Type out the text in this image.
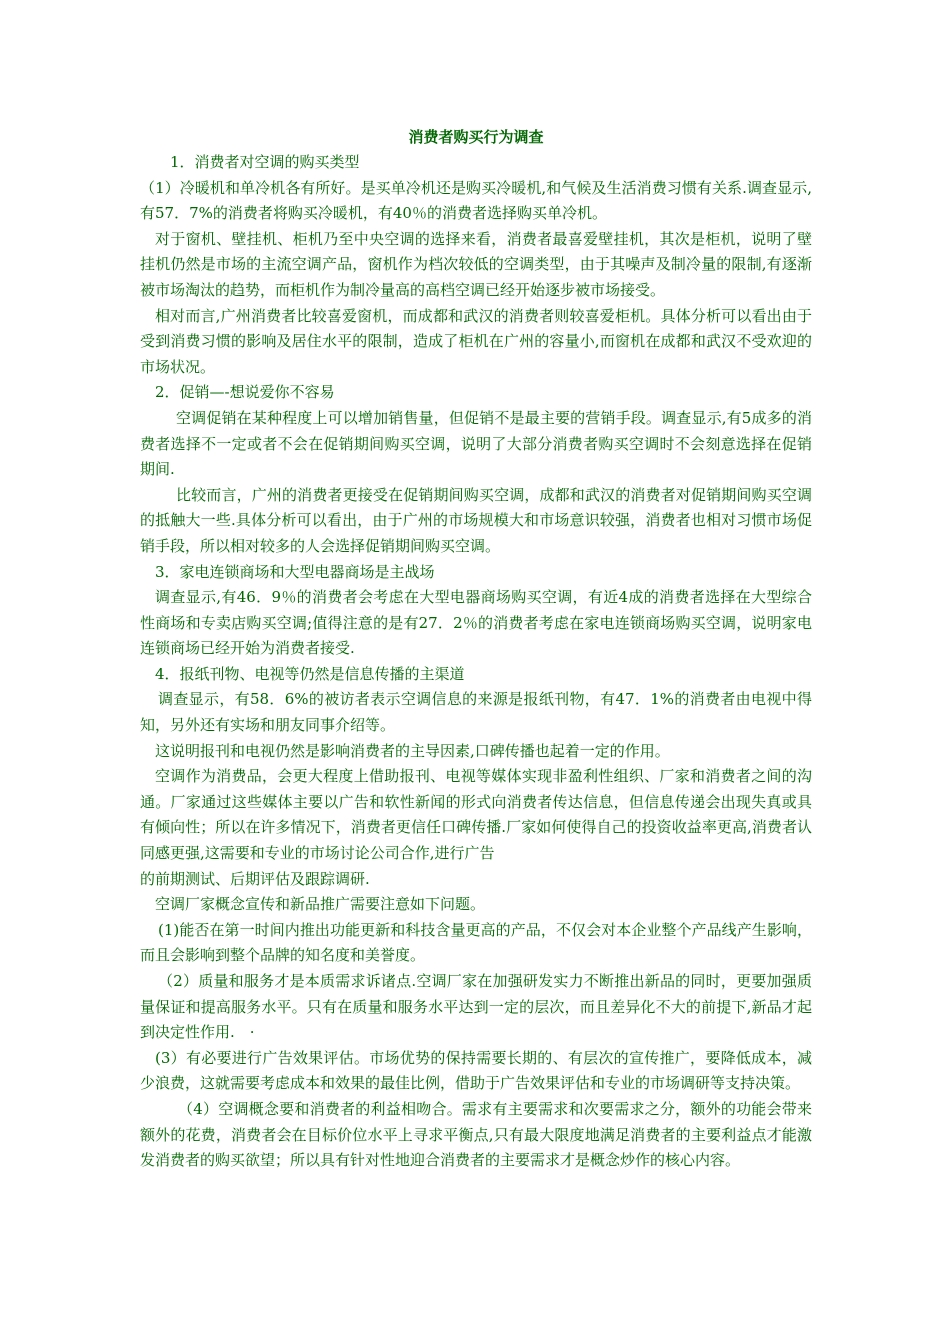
消费者购买行为调查

1．消费者对空调的购买类型

（1）冷暖机和单冷机各有所好。是买单冷机还是购买冷暖机,和气候及生活消费习惯有关系.调查显示,有57．7%的消费者将购买冷暖机，有40％的消费者选择购买单冷机。

对于窗机、壁挂机、柜机乃至中央空调的选择来看，消费者最喜爱壁挂机，其次是柜机，说明了壁挂机仍然是市场的主流空调产品，窗机作为档次较低的空调类型，由于其噪声及制冷量的限制,有逐渐被市场淘汰的趋势，而柜机作为制冷量高的高档空调已经开始逐步被市场接受。

相对而言,广州消费者比较喜爱窗机，而成都和武汉的消费者则较喜爱柜机。具体分析可以看出由于受到消费习惯的影响及居住水平的限制，造成了柜机在广州的容量小,而窗机在成都和武汉不受欢迎的市场状况。

2．促销—-想说爱你不容易

空调促销在某种程度上可以增加销售量，但促销不是最主要的营销手段。调查显示,有5成多的消费者选择不一定或者不会在促销期间购买空调，说明了大部分消费者购买空调时不会刻意选择在促销期间.

比较而言，广州的消费者更接受在促销期间购买空调，成都和武汉的消费者对促销期间购买空调的抵触大一些.具体分析可以看出，由于广州的市场规模大和市场意识较强，消费者也相对习惯市场促销手段，所以相对较多的人会选择促销期间购买空调。

3．家电连锁商场和大型电器商场是主战场

调查显示,有46．9％的消费者会考虑在大型电器商场购买空调，有近4成的消费者选择在大型综合性商场和专卖店购买空调;值得注意的是有27．2％的消费者考虑在家电连锁商场购买空调，说明家电连锁商场已经开始为消费者接受.

4．报纸刊物、电视等仍然是信息传播的主渠道

调查显示，有58．6%的被访者表示空调信息的来源是报纸刊物，有47．1%的消费者由电视中得知，另外还有实场和朋友同事介绍等。

这说明报刊和电视仍然是影响消费者的主导因素,口碑传播也起着一定的作用。

空调作为消费品，会更大程度上借助报刊、电视等媒体实现非盈利性组织、厂家和消费者之间的沟通。厂家通过这些媒体主要以广告和软性新闻的形式向消费者传达信息，但信息传递会出现失真或具有倾向性；所以在许多情况下，消费者更信任口碑传播.厂家如何使得自己的投资收益率更高,消费者认同感更强,这需要和专业的市场讨论公司合作,进行广告

的前期测试、后期评估及跟踪调研.

空调厂家概念宣传和新品推广需要注意如下问题。

(1)能否在第一时间内推出功能更新和科技含量更高的产品，不仅会对本企业整个产品线产生影响，而且会影响到整个品牌的知名度和美誉度。

（2）质量和服务才是本质需求诉诸点.空调厂家在加强研发实力不断推出新品的同时，更要加强质量保证和提高服务水平。只有在质量和服务水平达到一定的层次，而且差异化不大的前提下,新品才起到决定性作用.　·

(3）有必要进行广告效果评估。市场优势的保持需要长期的、有层次的宣传推广，要降低成本，减少浪费，这就需要考虑成本和效果的最佳比例，借助于广告效果评估和专业的市场调研等支持决策。

（4）空调概念要和消费者的利益相吻合。需求有主要需求和次要需求之分，额外的功能会带来额外的花费，消费者会在目标价位水平上寻求平衡点,只有最大限度地满足消费者的主要利益点才能激发消费者的购买欲望；所以具有针对性地迎合消费者的主要需求才是概念炒作的核心内容。
